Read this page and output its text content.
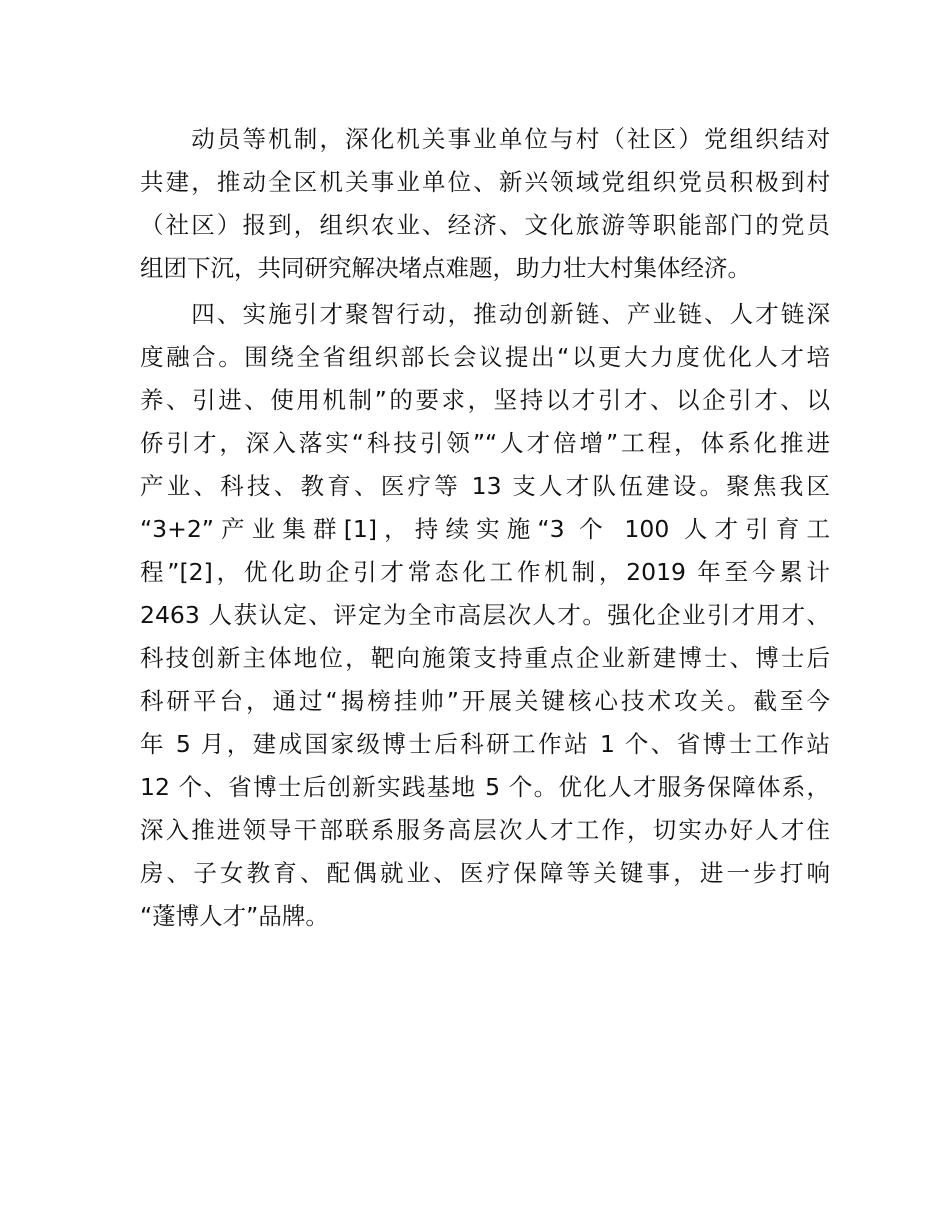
　　动员等机制，深化机关事业单位与村（社区）党组织结对
共建，推动全区机关事业单位、新兴领域党组织党员积极到村
（社区）报到，组织农业、经济、文化旅游等职能部门的党员
组团下沉，共同研究解决堵点难题，助力壮大村集体经济。
　　四、实施引才聚智行动，推动创新链、产业链、人才链深
度融合。围绕全省组织部长会议提出“以更大力度优化人才培
养、引进、使用机制”的要求，坚持以才引才、以企引才、以
侨引才，深入落实“科技引领”“人才倍增”工程，体系化推进
产业、科技、教育、医疗等 13 支人才队伍建设。聚焦我区
“3+2”产业集群[1]，持续实施“3 个 100 人才引育工
程”[2]，优化助企引才常态化工作机制，2019 年至今累计
2463 人获认定、评定为全市高层次人才。强化企业引才用才、
科技创新主体地位，靶向施策支持重点企业新建博士、博士后
科研平台，通过“揭榜挂帅”开展关键核心技术攻关。截至今
年 5 月，建成国家级博士后科研工作站 1 个、省博士工作站
12 个、省博士后创新实践基地 5 个。优化人才服务保障体系，
深入推进领导干部联系服务高层次人才工作，切实办好人才住
房、子女教育、配偶就业、医疗保障等关键事，进一步打响
“蓬博人才”品牌。
